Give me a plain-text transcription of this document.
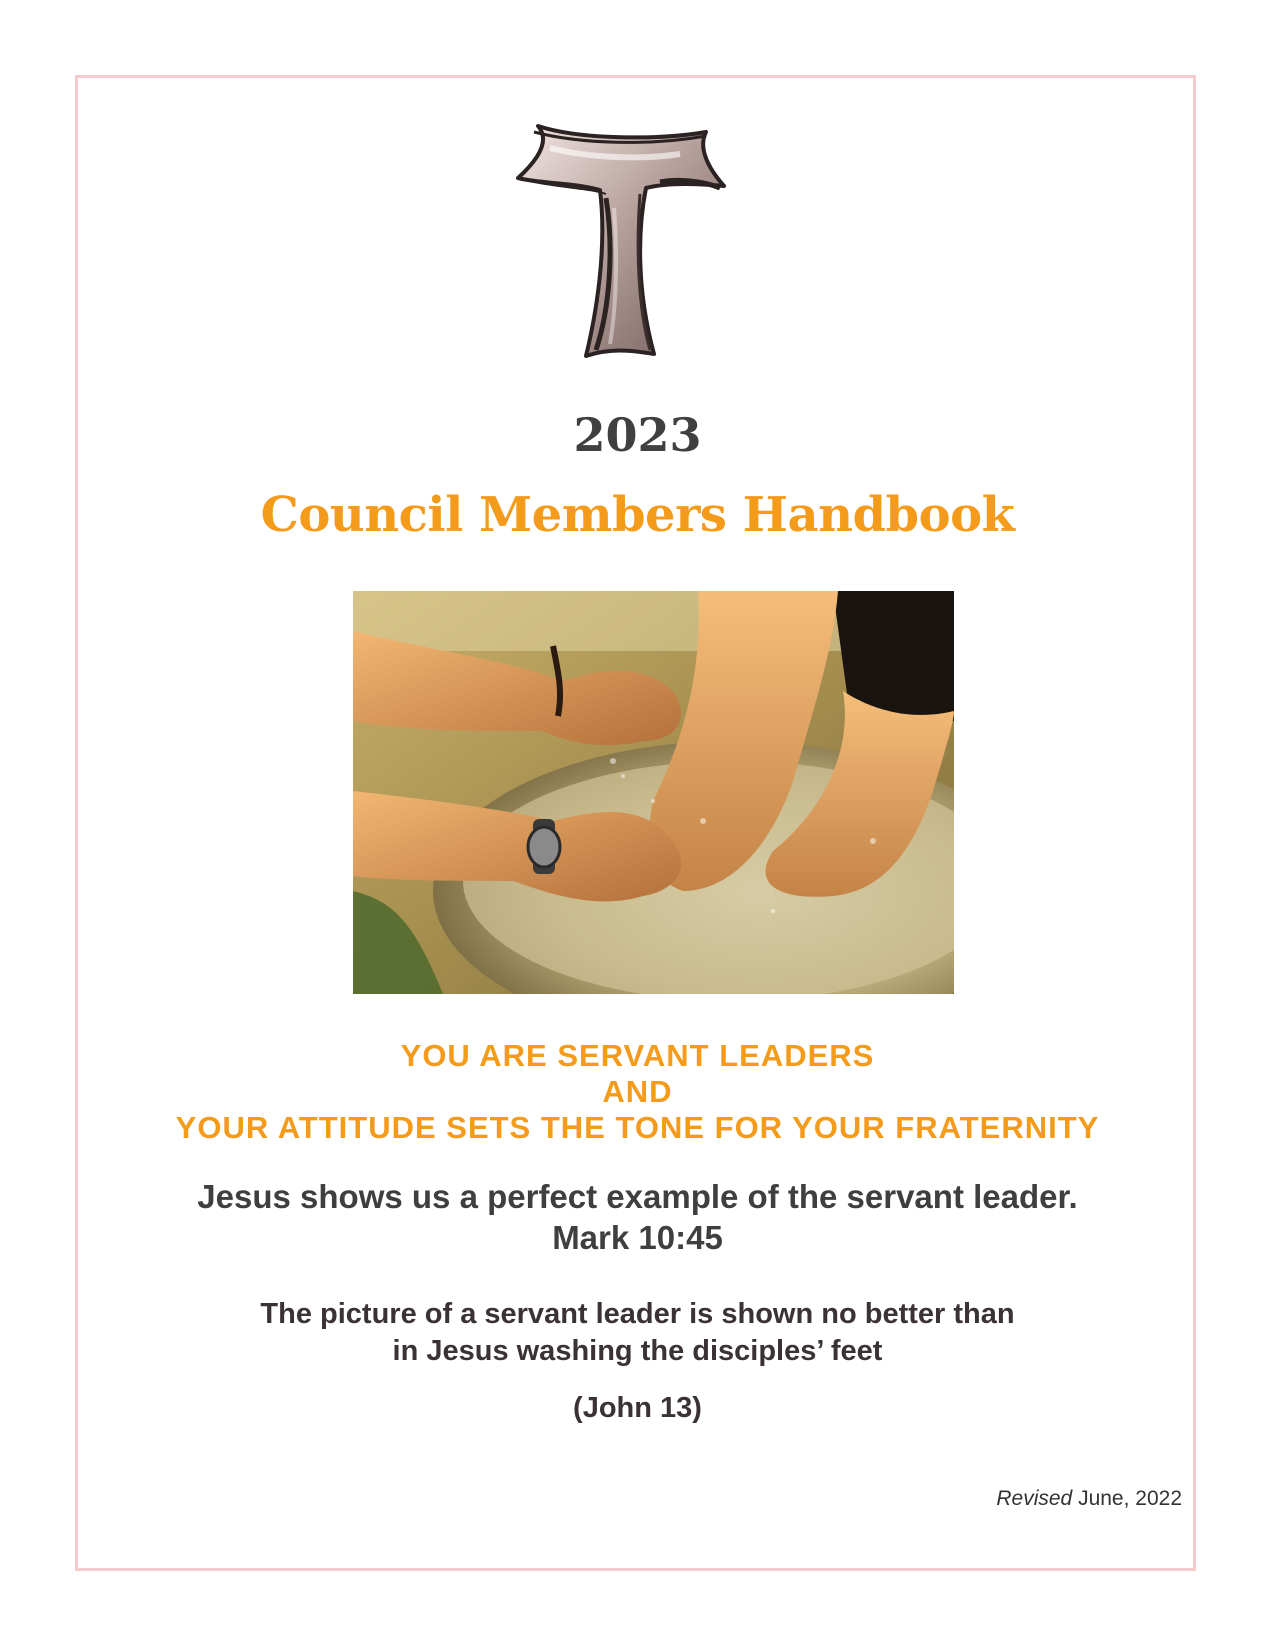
2023
Council Members Handbook
YOU ARE SERVANT LEADERS
AND
YOUR ATTITUDE SETS THE TONE FOR YOUR FRATERNITY
Jesus shows us a perfect example of the servant leader.
Mark 10:45
The picture of a servant leader is shown no better than
in Jesus washing the disciples’ feet
(John 13)
Revised June, 2022
